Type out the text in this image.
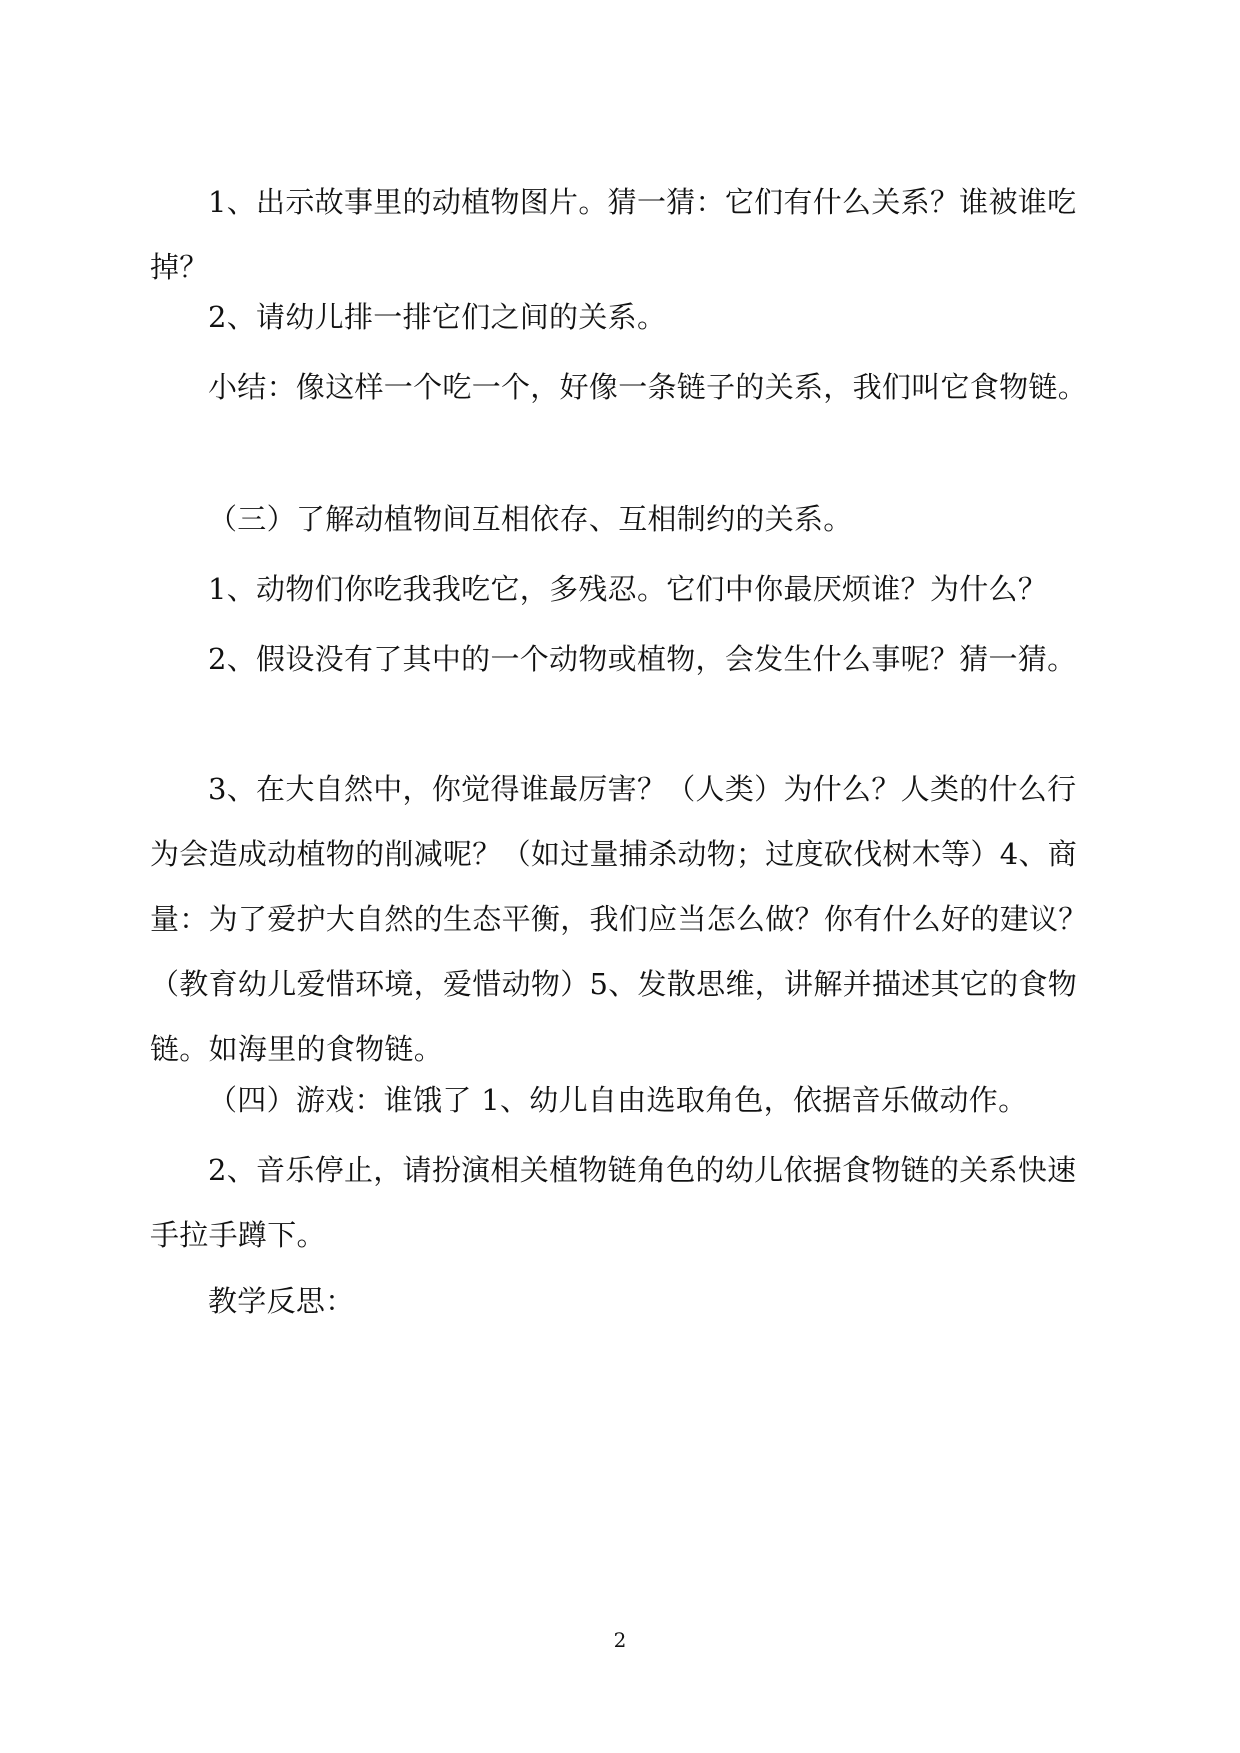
1、出示故事里的动植物图片。猜一猜：它们有什么关系？谁被谁吃掉？

2、请幼儿排一排它们之间的关系。

小结：像这样一个吃一个，好像一条链子的关系，我们叫它食物链。

（三）了解动植物间互相依存、互相制约的关系。

1、动物们你吃我我吃它，多残忍。它们中你最厌烦谁？为什么？

2、假设没有了其中的一个动物或植物，会发生什么事呢？猜一猜。

3、在大自然中，你觉得谁最厉害？（人类）为什么？人类的什么行为会造成动植物的削减呢？（如过量捕杀动物；过度砍伐树木等）4、商量：为了爱护大自然的生态平衡，我们应当怎么做？你有什么好的建议？（教育幼儿爱惜环境，爱惜动物）5、发散思维，讲解并描述其它的食物链。如海里的食物链。

（四）游戏：谁饿了 1、幼儿自由选取角色，依据音乐做动作。

2、音乐停止，请扮演相关植物链角色的幼儿依据食物链的关系快速手拉手蹲下。

教学反思：

2
